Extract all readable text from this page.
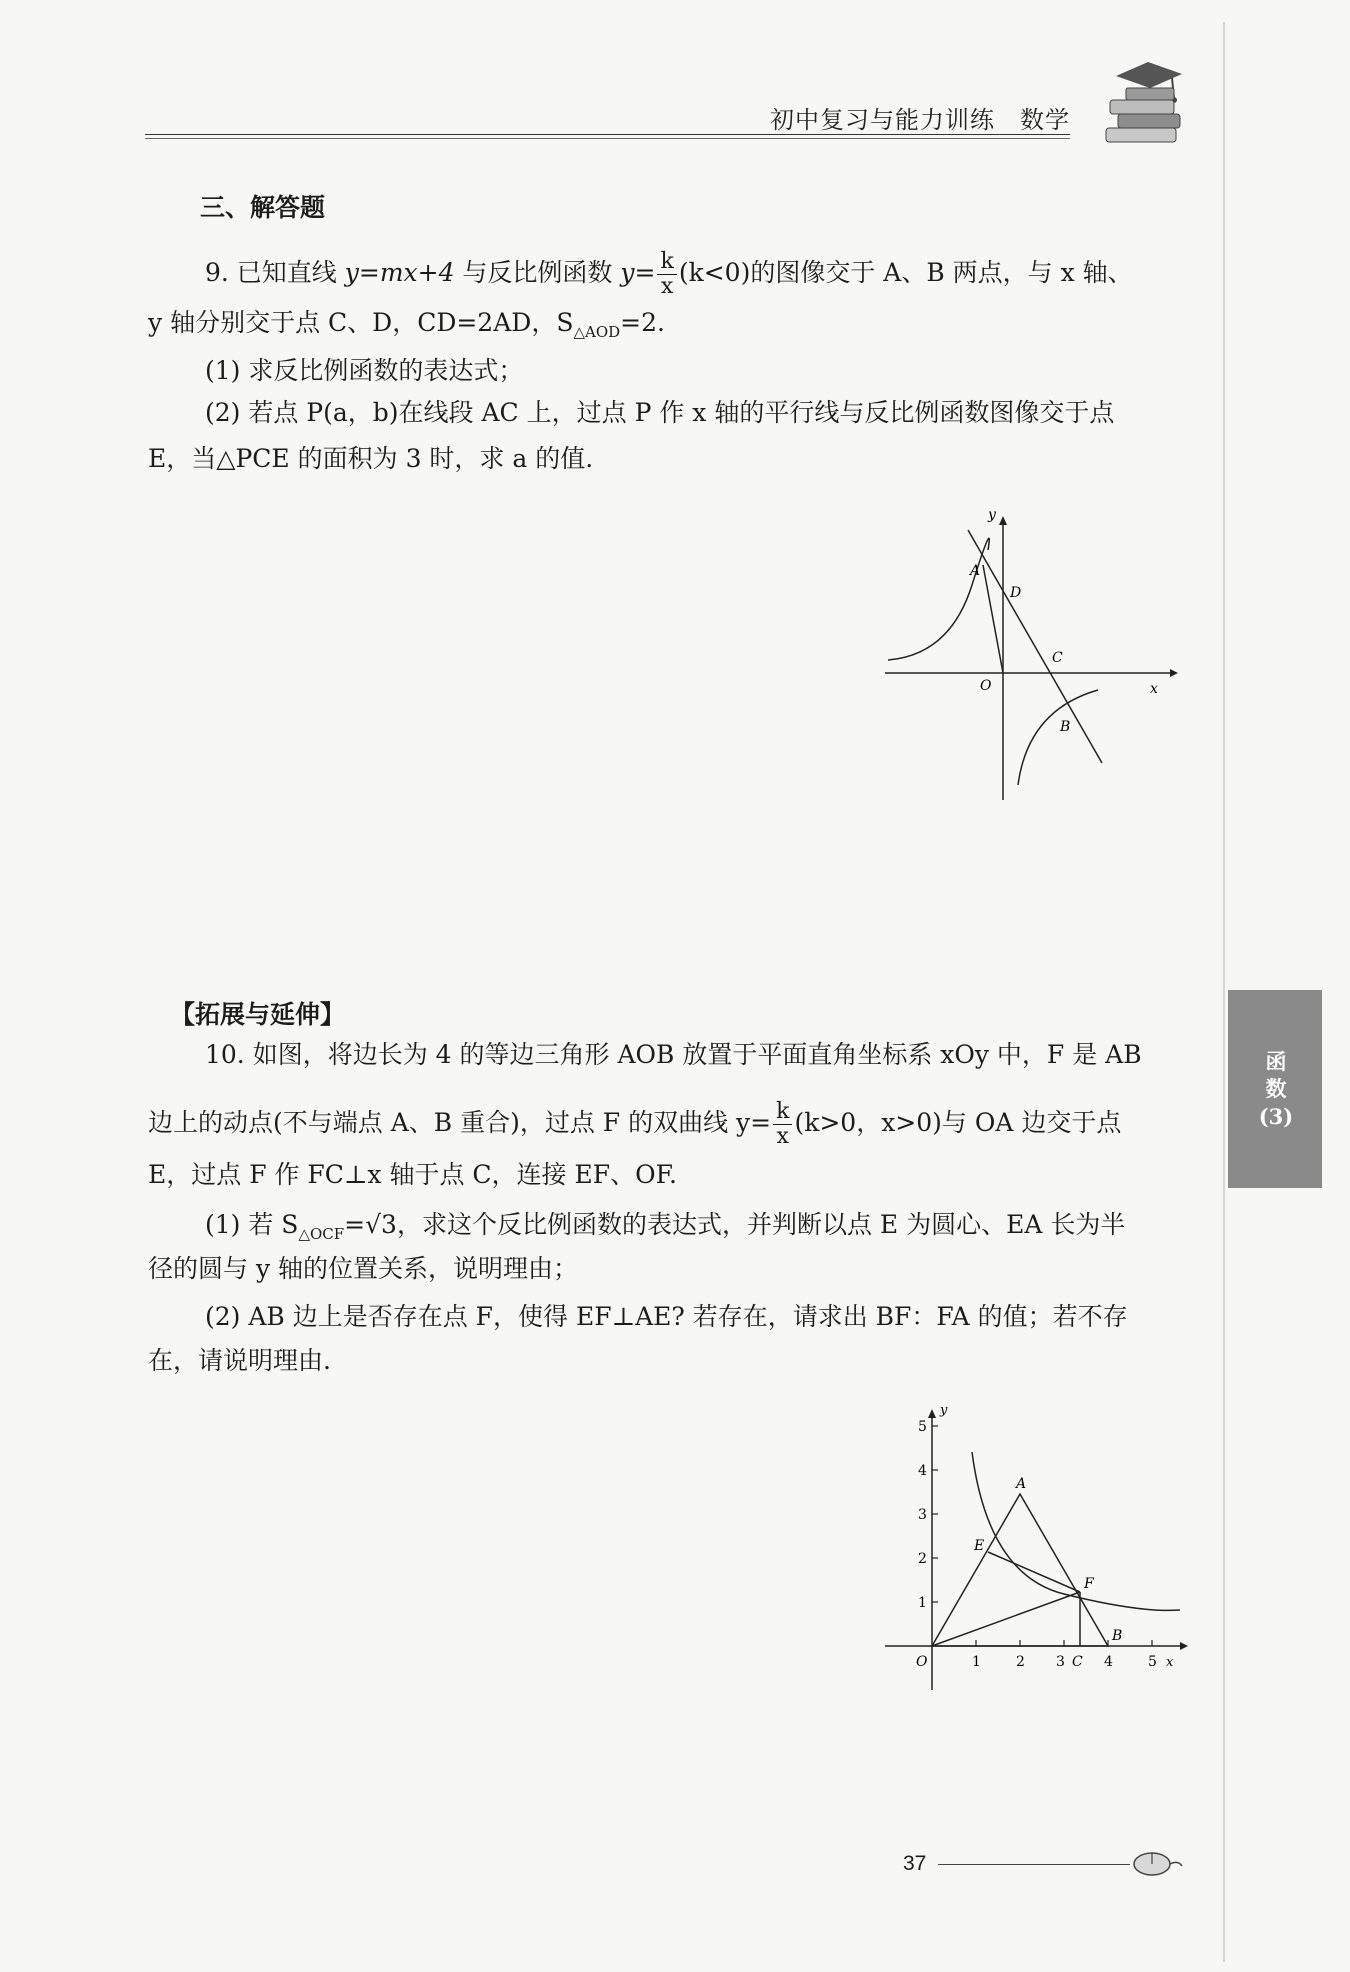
初中复习与能力训练　数学
三、解答题
9. 已知直线 y=mx+4 与反比例函数 $y= \frac{k}{x} (k<0)$的图像交于 A、B 两点，与 x 轴、
y 轴分别交于点 C、D，CD=2AD，$S_{\triangle AOD}=2$.
(1) 求反比例函数的表达式；
(2) 若点 P(a，b)在线段 AC 上，过点 P 作 x 轴的平行线与反比例函数图像交于点
E，当△PCE 的面积为 3 时，求 a 的值.
y
x
O
A
D
C
B
【拓展与延伸】
10. 如图，将边长为 4 的等边三角形 AOB 放置于平面直角坐标系 xOy 中，F 是 AB
边上的动点(不与端点 A、B 重合)，过点 F 的双曲线 $y= \frac{k}{x} (k>0$，x>0)与 OA 边交于点
E，过点 F 作 FC⊥x 轴于点 C，连接 EF、OF.
(1) 若 $S_{\triangle OCF}=√3$，求这个反比例函数的表达式，并判断以点 E 为圆心、EA 长为半
径的圆与 y 轴的位置关系，说明理由；
(2) AB 边上是否存在点 F，使得 EF⊥AE? 若存在，请求出 BF：FA 的值；若不存
在，请说明理由.
1	2 3	4	5
1
2
3
4
5
y
x
O
A
E
F
C
B
函
数
(3)
37
